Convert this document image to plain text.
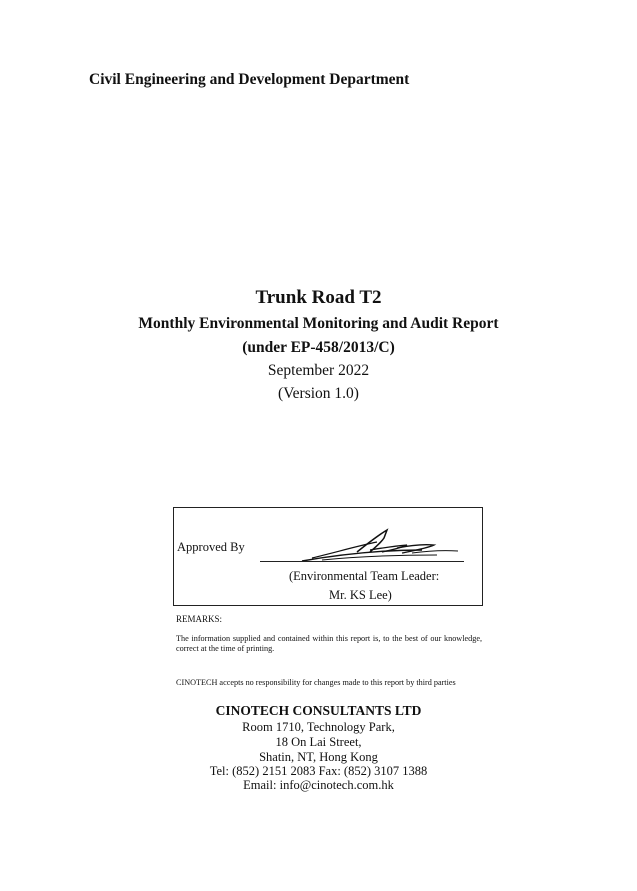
Civil Engineering and Development Department
Trunk Road T2
Monthly Environmental Monitoring and Audit Report
(under EP-458/2013/C)
September 2022
(Version 1.0)
Approved By
(Environmental Team Leader:
Mr. KS Lee)
REMARKS:
The information supplied and contained within this report is, to the best of our knowledge, correct at the time of printing.
CINOTECH accepts no responsibility for changes made to this report by third parties
CINOTECH CONSULTANTS LTD
Room 1710, Technology Park,
18 On Lai Street,
Shatin, NT, Hong Kong
Tel: (852) 2151 2083 Fax: (852) 3107 1388
Email: info@cinotech.com.hk
